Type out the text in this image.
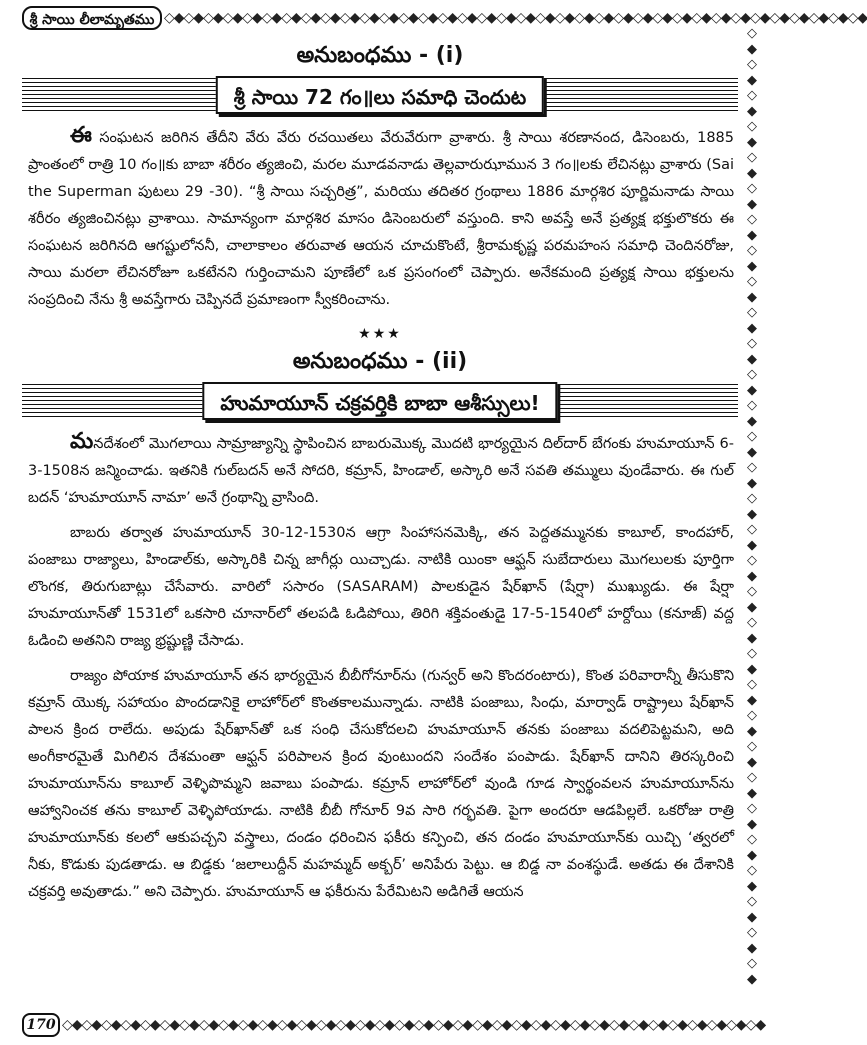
శ్రీ సాయి లీలామృతము ◇◆◇◆◇◆◇◆◇◆◇◆◇◆◇◆◇◆◇◆◇◆◇◆◇◆◇◆◇◆◇◆◇◆◇◆◇◆◇◆◇◆◇◆◇◆◇◆◇◆◇◆◇◆◇◆◇◆◇◆◇◆◇◆◇◆◇◆◇◆◇◆
◇◆◇◆◇◆◇◆◇◆◇◆◇◆◇◆◇◆◇◆◇◆◇◆◇◆◇◆◇◆◇◆◇◆◇◆◇◆◇◆◇◆◇◆◇◆◇◆◇◆◇◆◇◆◇◆◇◆◇◆◇◆
అనుబంధము - (i)
శ్రీ సాయి 72 గం॥లు సమాధి చెందుట

ఈ సంఘటన జరిగిన తేదీని వేరు వేరు రచయితలు వేరువేరుగా వ్రాశారు. శ్రీ సాయి శరణానంద, డిసెంబరు, 1885 ప్రాంతంలో రాత్రి 10 గం॥కు బాబా శరీరం త్యజించి, మరల మూడవనాడు తెల్లవారుఝామున 3 గం॥లకు లేచినట్లు వ్రాశారు (Sai the Superman పుటలు 29 -30). “శ్రీ సాయి సచ్చరిత్ర”, మరియు తదితర గ్రంథాలు 1886 మార్గశిర పూర్ణిమనాడు సాయి శరీరం త్యజించినట్లు వ్రాశాయి. సామాన్యంగా మార్గశిర మాసం డిసెంబరులో వస్తుంది. కాని అవస్తే అనే ప్రత్యక్ష భక్తులొకరు ఈ సంఘటన జరిగినది ఆగష్టులోననీ, చాలాకాలం తరువాత ఆయన చూచుకొంటే, శ్రీరామకృష్ణ పరమహంస సమాధి చెందినరోజు, సాయి మరలా లేచినరోజూ ఒకటేనని గుర్తించామని పూణేలో ఒక ప్రసంగంలో చెప్పారు. అనేకమంది ప్రత్యక్ష సాయి భక్తులను సంప్రదించి నేను శ్రీ అవస్తేగారు చెప్పినదే ప్రమాణంగా స్వీకరించాను.

★★★
అనుబంధము - (ii)
హుమాయూన్ చక్రవర్తికి బాబా ఆశీస్సులు!

మనదేశంలో మొగలాయి సామ్రాజ్యాన్ని స్థాపించిన బాబరుమొక్క మొదటి భార్యయైన దిల్‌దార్ బేగంకు హుమాయూన్ 6-3-1508న జన్మించాడు. ఇతనికి గుల్‌బదన్ అనే సోదరి, కమ్రాన్, హిండాల్, అస్కారి అనే సవతి తమ్ములు వుండేవారు. ఈ గుల్ బదన్ ‘హుమాయూన్ నామా’ అనే గ్రంథాన్ని వ్రాసింది.

బాబరు తర్వాత హుమాయూన్ 30-12-1530న ఆగ్రా సింహాసనమెక్కి, తన పెద్దతమ్మునకు కాబూల్, కాందహార్, పంజాబు రాజ్యాలు, హిండాల్‌కు, అస్కారికి చిన్న జాగీర్లు యిచ్చాడు. నాటికి యింకా ఆఫ్ఘన్ సుబేదారులు మొగలులకు పూర్తిగా లొంగక, తిరుగుబాట్లు చేసేవారు. వారిలో ససారం (SASARAM) పాలకుడైన షేర్‌ఖాన్ (షేర్షా) ముఖ్యుడు. ఈ షేర్షా హుమాయూన్‌తో 1531లో ఒకసారి చూనార్‌లో తలపడి ఓడిపోయి, తిరిగి శక్తివంతుడై 17-5-1540లో హర్దోయి (కనూజ్) వద్ద ఓడించి అతనిని రాజ్య భ్రష్టుణ్ణి చేసాడు.

రాజ్యం పోయాక హుమాయూన్ తన భార్యయైన బీబీగోనూర్‌ను (గున్వర్ అని కొందరంటారు), కొంత పరివారాన్నీ తీసుకొని కమ్రాన్ యొక్క సహాయం పొందడానికై లాహోర్‌లో కొంతకాలమున్నాడు. నాటికి పంజాబు, సింధు, మార్వాడ్ రాష్ట్రాలు షేర్‌ఖాన్ పాలన క్రింద రాలేదు. అపుడు షేర్‌ఖాన్‌తో ఒక సంధి చేసుకోదలచి హుమాయూన్ తనకు పంజాబు వదలిపెట్టమని, అది అంగీకారమైతే మిగిలిన దేశమంతా ఆఫ్ఘన్ పరిపాలన క్రింద వుంటుందని సందేశం పంపాడు. షేర్‌ఖాన్ దానిని తిరస్కరించి హుమాయూన్‌ను కాబూల్ వెళ్ళిపొమ్మని జవాబు పంపాడు. కమ్రాన్ లాహోర్‌లో వుండి గూడ స్వార్థంవలన హుమాయూన్‌ను ఆహ్వానించక తను కాబూల్ వెళ్ళిపోయాడు. నాటికి బీబీ గోనూర్ 9వ సారి గర్భవతి. పైగా అందరూ ఆడపిల్లలే. ఒకరోజు రాత్రి హుమాయూన్‌కు కలలో ఆకుపచ్చని వస్త్రాలు, దండం ధరించిన ఫకీరు కన్పించి, తన దండం హుమాయూన్‌కు యిచ్చి ‘త్వరలో నీకు, కొడుకు పుడతాడు. ఆ బిడ్డకు ‘జలాలుద్దీన్ మహమ్మద్ అక్బర్’ అనిపేరు పెట్టు. ఆ బిడ్డ నా వంశస్థుడే. అతడు ఈ దేశానికి చక్రవర్తి అవుతాడు.” అని చెప్పారు. హుమాయూన్ ఆ ఫకీరును పేరేమిటని అడిగితే ఆయన

170 ◇◆◇◆◇◆◇◆◇◆◇◆◇◆◇◆◇◆◇◆◇◆◇◆◇◆◇◆◇◆◇◆◇◆◇◆◇◆◇◆◇◆◇◆◇◆◇◆◇◆◇◆◇◆◇◆◇◆◇◆◇◆◇◆◇◆◇◆◇◆◇◆
